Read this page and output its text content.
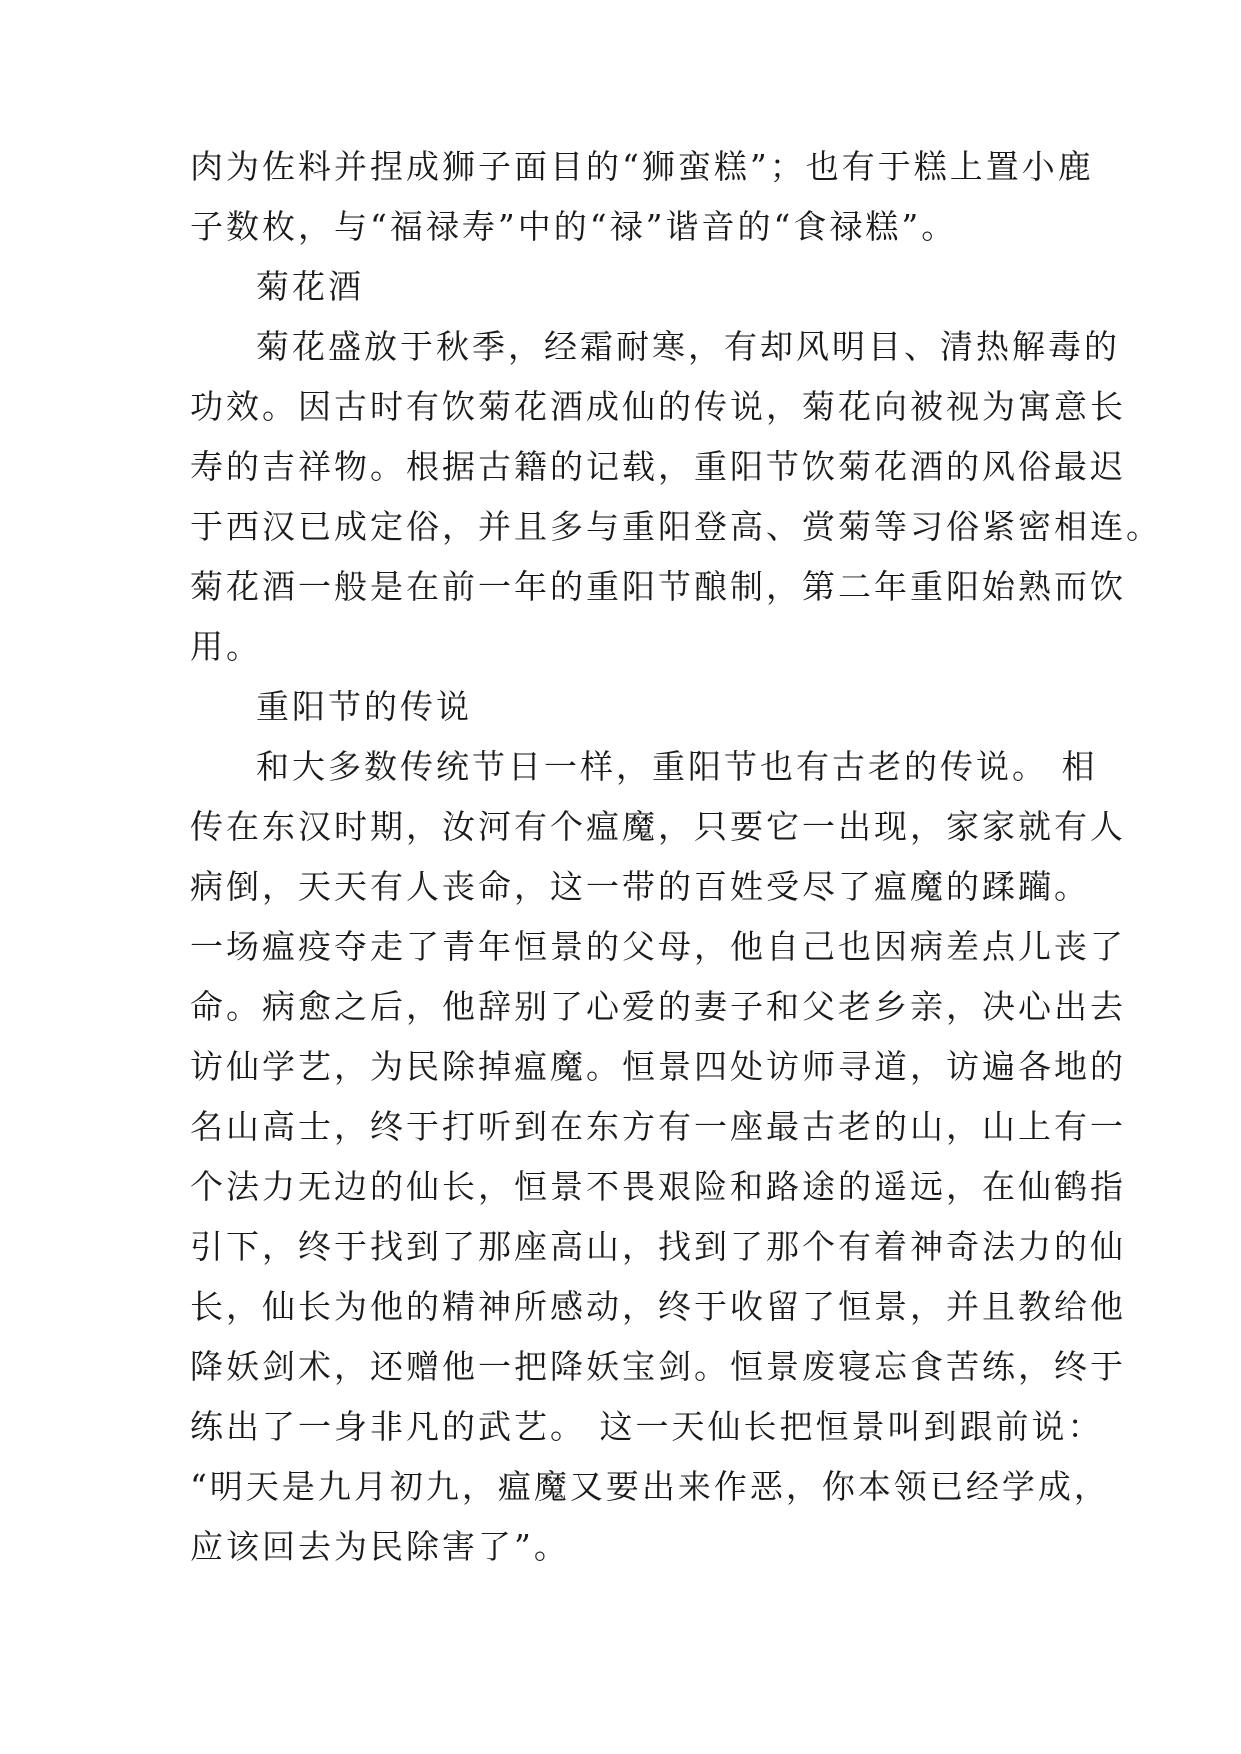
肉为佐料并捏成狮子面目的“狮蛮糕”；也有于糕上置小鹿
子数枚，与“福禄寿”中的“禄”谐音的“食禄糕”。
菊花酒
菊花盛放于秋季，经霜耐寒，有却风明目、清热解毒的
功效。因古时有饮菊花酒成仙的传说，菊花向被视为寓意长
寿的吉祥物。根据古籍的记载，重阳节饮菊花酒的风俗最迟
于西汉已成定俗，并且多与重阳登高、赏菊等习俗紧密相连。
菊花酒一般是在前一年的重阳节酿制，第二年重阳始熟而饮
用。
重阳节的传说
和大多数传统节日一样，重阳节也有古老的传说。 相
传在东汉时期，汝河有个瘟魔，只要它一出现，家家就有人
病倒，天天有人丧命，这一带的百姓受尽了瘟魔的蹂躏。
一场瘟疫夺走了青年恒景的父母，他自己也因病差点儿丧了
命。病愈之后，他辞别了心爱的妻子和父老乡亲，决心出去
访仙学艺，为民除掉瘟魔。恒景四处访师寻道，访遍各地的
名山高士，终于打听到在东方有一座最古老的山，山上有一
个法力无边的仙长，恒景不畏艰险和路途的遥远，在仙鹤指
引下，终于找到了那座高山，找到了那个有着神奇法力的仙
长，仙长为他的精神所感动，终于收留了恒景，并且教给他
降妖剑术，还赠他一把降妖宝剑。恒景废寝忘食苦练，终于
练出了一身非凡的武艺。 这一天仙长把恒景叫到跟前说：
“明天是九月初九，瘟魔又要出来作恶，你本领已经学成，
应该回去为民除害了”。
